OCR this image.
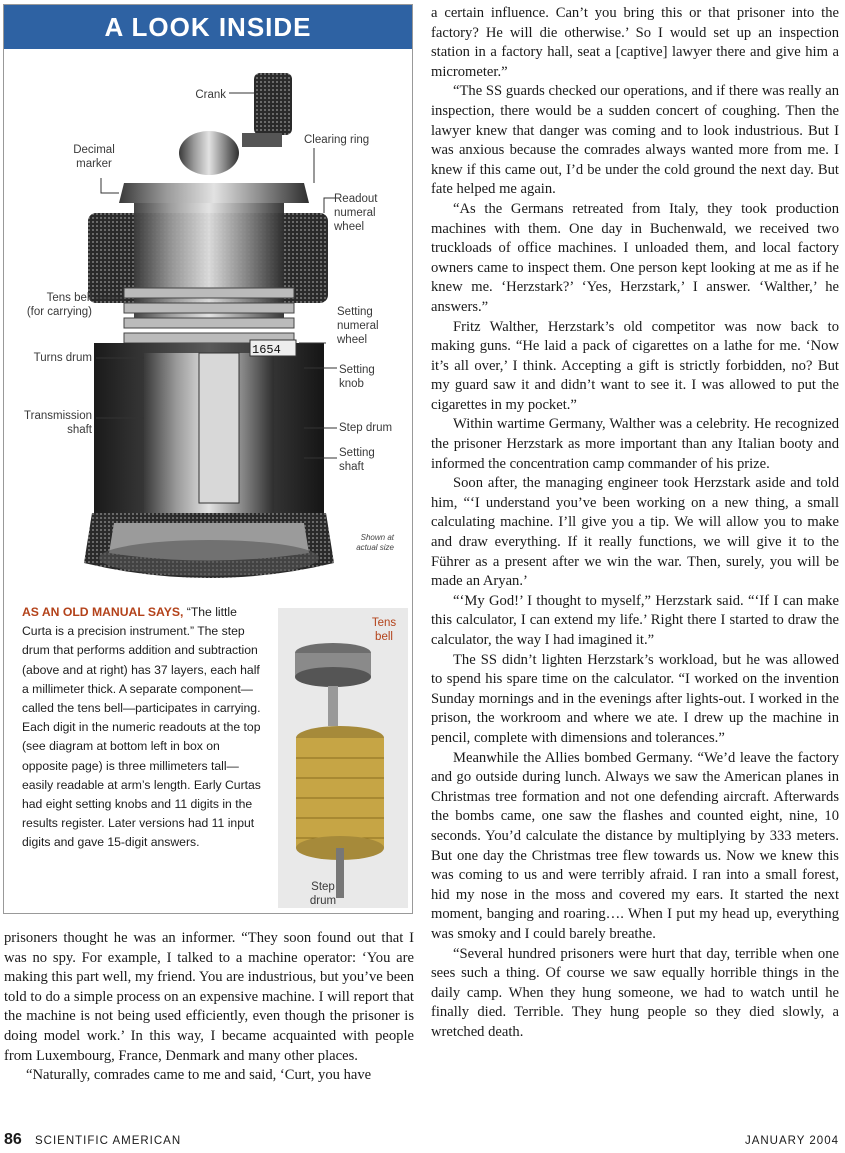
A LOOK INSIDE
1654
Crank
Clearing ring
Decimal
marker
Readout
numeral
wheel
Tens bell
(for carrying)	Setting
numeral
wheel
Turns drum
Setting
knob
Transmission
shaft	Step drum
Setting
shaft
Shown at
actual size
AS AN OLD MANUAL SAYS, “The little Curta is a precision instrument.” The step drum that performs addition and subtraction (above and at right) has 37 layers, each half a millimeter thick. A separate component—called the tens bell—participates in carrying. Each digit in the numeric readouts at the top (see diagram at bottom left in box on opposite page) is three millimeters tall—easily readable at arm’s length. Early Curtas had eight setting knobs and 11 digits in the results register. Later versions had 11 input digits and gave 15-digit answers.
Tens
bell
Step
drum

prisoners thought he was an informer. “They soon found out that I was no spy. For example, I talked to a machine operator: ‘You are making this part well, my friend. You are industrious, but you’ve been told to do a simple process on an expensive machine. I will report that the machine is not being used efficiently, even though the prisoner is doing model work.’ In this way, I became acquainted with people from Luxembourg, France, Denmark and many other places.

“Naturally, comrades came to me and said, ‘Curt, you have

a certain influence. Can’t you bring this or that prisoner into the factory? He will die otherwise.’ So I would set up an inspection station in a factory hall, seat a [captive] lawyer there and give him a micrometer.”

“The SS guards checked our operations, and if there was really an inspection, there would be a sudden concert of coughing. Then the lawyer knew that danger was coming and to look industrious. But I was anxious because the comrades always wanted more from me. I knew if this came out, I’d be under the cold ground the next day. But fate helped me again.

“As the Germans retreated from Italy, they took production machines with them. One day in Buchenwald, we received two truckloads of office machines. I unloaded them, and local factory owners came to inspect them. One person kept looking at me as if he knew me. ‘Herzstark?’ ‘Yes, Herzstark,’ I answer. ‘Walther,’ he answers.”

Fritz Walther, Herzstark’s old competitor was now back to making guns. “He laid a pack of cigarettes on a lathe for me. ‘Now it’s all over,’ I think. Accepting a gift is strictly forbidden, no? But my guard saw it and didn’t want to see it. I was allowed to put the cigarettes in my pocket.”

Within wartime Germany, Walther was a celebrity. He recognized the prisoner Herzstark as more important than any Italian booty and informed the concentration camp commander of his prize.

Soon after, the managing engineer took Herzstark aside and told him, “‘I understand you’ve been working on a new thing, a small calculating machine. I’ll give you a tip. We will allow you to make and draw everything. If it really functions, we will give it to the Führer as a present after we win the war. Then, surely, you will be made an Aryan.’

“‘My God!’ I thought to myself,” Herzstark said. “‘If I can make this calculator, I can extend my life.’ Right there I started to draw the calculator, the way I had imagined it.”

The SS didn’t lighten Herzstark’s workload, but he was allowed to spend his spare time on the calculator. “I worked on the invention Sunday mornings and in the evenings after lights-out. I worked in the prison, the workroom and where we ate. I drew up the machine in pencil, complete with dimensions and tolerances.”

Meanwhile the Allies bombed Germany. “We’d leave the factory and go outside during lunch. Always we saw the American planes in Christmas tree formation and not one defending aircraft. Afterwards the bombs came, one saw the flashes and counted eight, nine, 10 seconds. You’d calculate the distance by multiplying by 333 meters. But one day the Christmas tree flew towards us. Now we knew this was coming to us and were terribly afraid. I ran into a small forest, hid my nose in the moss and covered my ears. It started the next moment, banging and roaring…. When I put my head up, everything was smoky and I could barely breathe.

“Several hundred prisoners were hurt that day, terrible when one sees such a thing. Of course we saw equally horrible things in the daily camp. When they hung someone, we had to watch until he finally died. Terrible. They hung people so they died slowly, a wretched death.

86 SCIENTIFIC AMERICAN	JANUARY 2004
